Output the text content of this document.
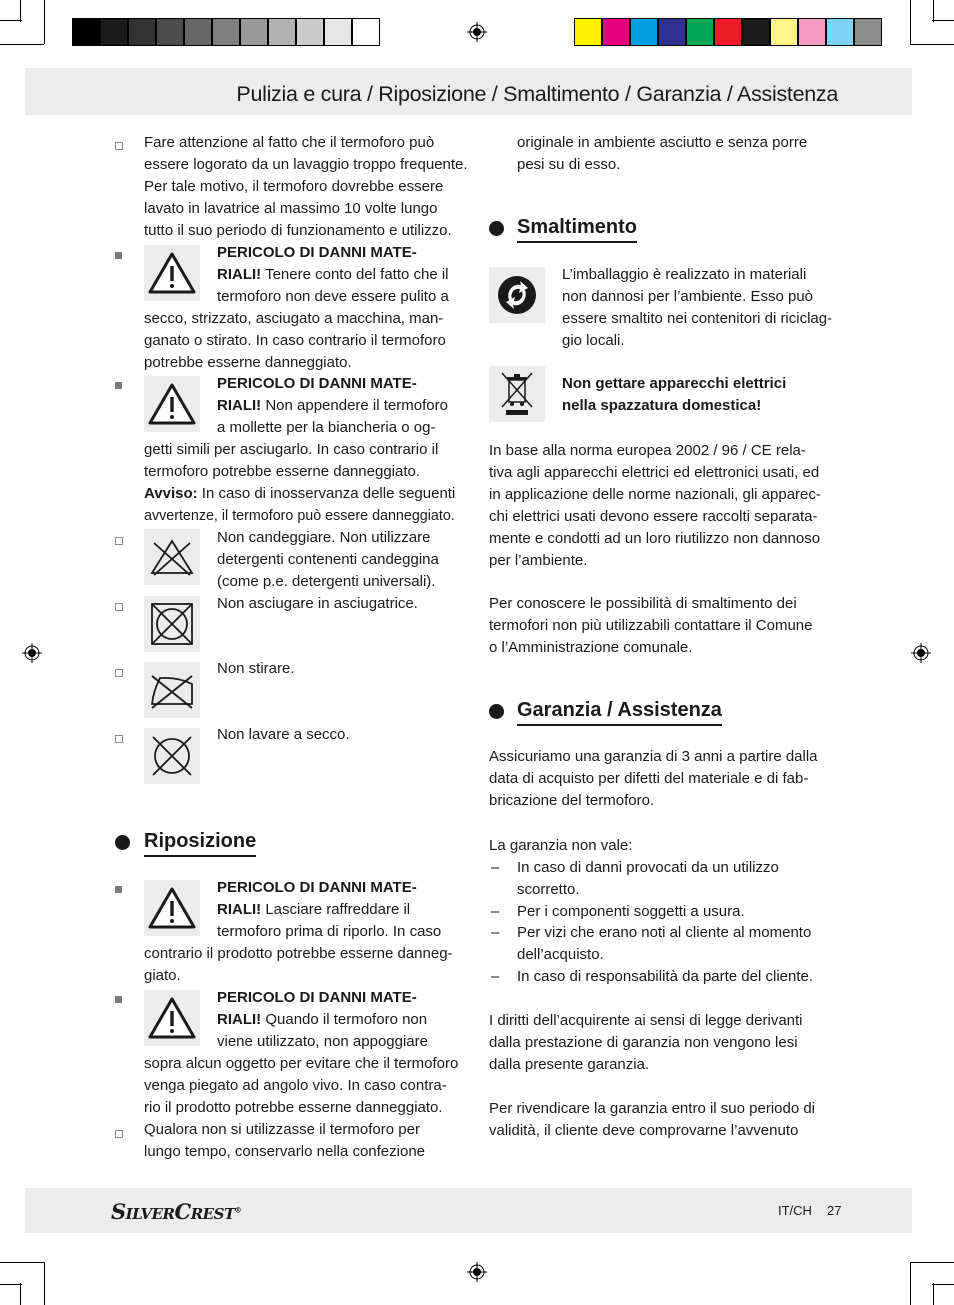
Pulizia e cura / Riposizione / Smaltimento / Garanzia / Assistenza
Fare attenzione al fatto che il termoforo può
essere logorato da un lavaggio troppo frequente.
Per tale motivo, il termoforo dovrebbe essere
lavato in lavatrice al massimo 10 volte lungo
tutto il suo periodo di funzionamento e utilizzo.
PERICOLO DI DANNI MATE-
RIALI! Tenere conto del fatto che il
termoforo non deve essere pulito a
secco, strizzato, asciugato a macchina, man-
ganato o stirato. In caso contrario il termoforo
potrebbe esserne danneggiato.
PERICOLO DI DANNI MATE-
RIALI! Non appendere il termoforo
a mollette per la biancheria o og-
getti simili per asciugarlo. In caso contrario il
termoforo potrebbe esserne danneggiato.
Avviso: In caso di inosservanza delle seguenti
avvertenze, il termoforo può essere danneggiato.
Non candeggiare. Non utilizzare
detergenti contenenti candeggina
(come p.e. detergenti universali).
Non asciugare in asciugatrice.
Non stirare.
Non lavare a secco.
Riposizione
PERICOLO DI DANNI MATE-
RIALI! Lasciare raffreddare il
termoforo prima di riporlo. In caso
contrario il prodotto potrebbe esserne danneg-
giato.
PERICOLO DI DANNI MATE-
RIALI! Quando il termoforo non
viene utilizzato, non appoggiare
sopra alcun oggetto per evitare che il termoforo
venga piegato ad angolo vivo. In caso contra-
rio il prodotto potrebbe esserne danneggiato.
Qualora non si utilizzasse il termoforo per
lungo tempo, conservarlo nella confezione
originale in ambiente asciutto e senza porre
pesi su di esso.
Smaltimento
L’imballaggio è realizzato in materiali
non dannosi per l’ambiente. Esso può
essere smaltito nei contenitori di riciclag-
gio locali.
Non gettare apparecchi elettrici
nella spazzatura domestica!
In base alla norma europea 2002 / 96 / CE rela-
tiva agli apparecchi elettrici ed elettronici usati, ed
in applicazione delle norme nazionali, gli apparec-
chi elettrici usati devono essere raccolti separata-
mente e condotti ad un loro riutilizzo non dannoso
per l’ambiente.
Per conoscere le possibilità di smaltimento dei
termofori non più utilizzabili contattare il Comune
o l’Amministrazione comunale.
Garanzia / Assistenza
Assicuriamo una garanzia di 3 anni a partire dalla
data di acquisto per difetti del materiale e di fab-
bricazione del termoforo.
La garanzia non vale:
– In caso di danni provocati da un utilizzo
scorretto.
– Per i componenti soggetti a usura.
– Per vizi che erano noti al cliente al momento
dell’acquisto.
– In caso di responsabilità da parte del cliente.
I diritti dell’acquirente ai sensi di legge derivanti
dalla prestazione di garanzia non vengono lesi
dalla presente garanzia.
Per rivendicare la garanzia entro il suo periodo di
validità, il cliente deve comprovarne l’avvenuto
SILVERCREST®	IT/CH 27
